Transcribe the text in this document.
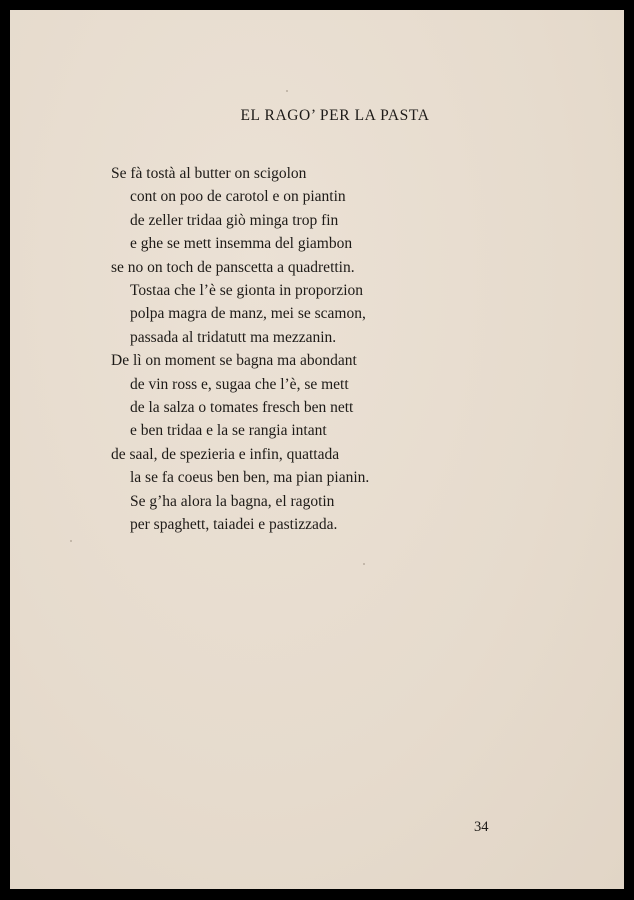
EL RAGO’ PER LA PASTA
Se fà tostà al butter on scigolon
cont on poo de carotol e on piantin
de zeller tridaa giò minga trop fin
e ghe se mett insemma del giambon
se no on toch de panscetta a quadrettin.
Tostaa che l’è se gionta in proporzion
polpa magra de manz, mei se scamon,
passada al tridatutt ma mezzanin.
De lì on moment se bagna ma abondant
de vin ross e, sugaa che l’è, se mett
de la salza o tomates fresch ben nett
e ben tridaa e la se rangia intant
de saal, de spezieria e infin, quattada
la se fa coeus ben ben, ma pian pianin.
Se g’ha alora la bagna, el ragotin
per spaghett, taiadei e pastizzada.
34
